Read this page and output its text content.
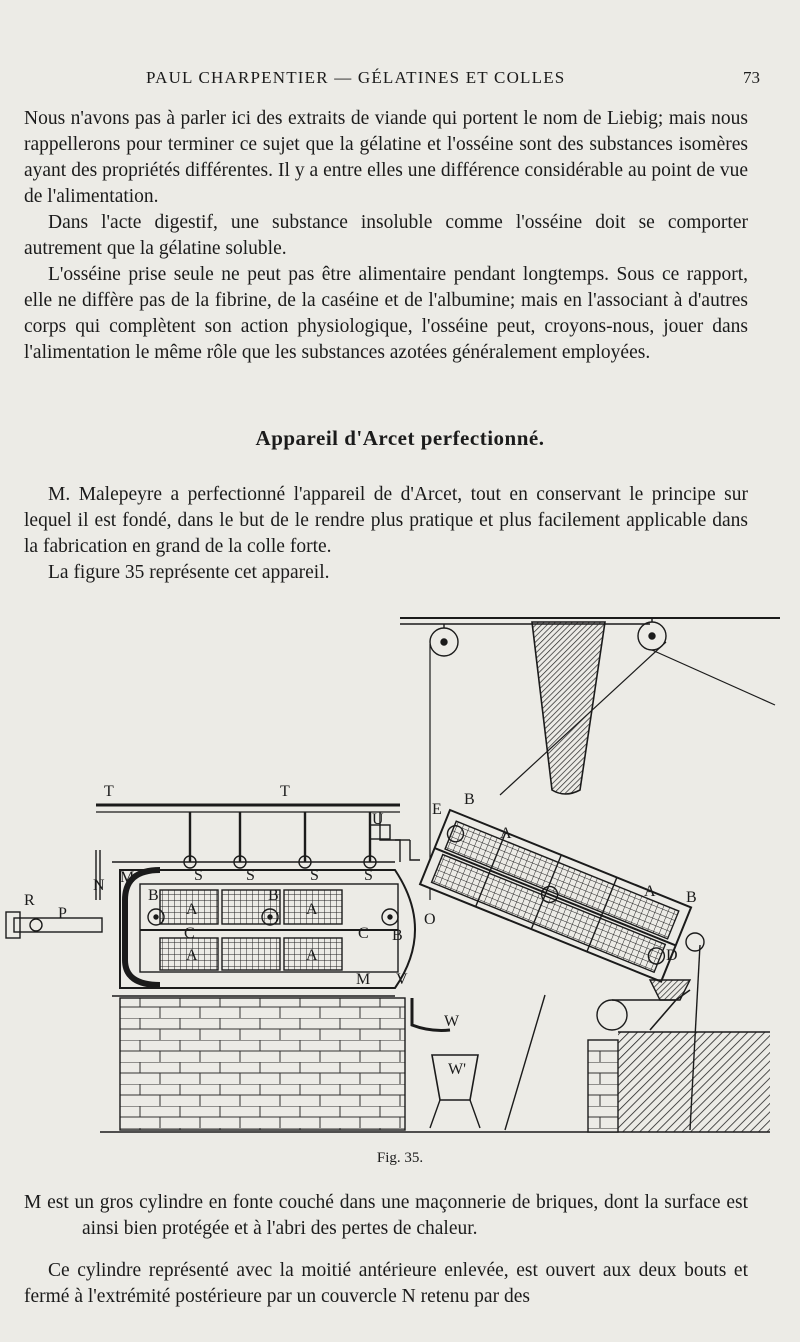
PAUL CHARPENTIER — GÉLATINES ET COLLES	73

Nous n'avons pas à parler ici des extraits de viande qui portent le nom de Liebig; mais nous rappellerons pour terminer ce sujet que la gélatine et l'osséine sont des substances isomères ayant des propriétés différentes. Il y a entre elles une différence considérable au point de vue de l'alimentation.

Dans l'acte digestif, une substance insoluble comme l'osséine doit se comporter autrement que la gélatine soluble.

L'osséine prise seule ne peut pas être alimentaire pendant longtemps. Sous ce rapport, elle ne diffère pas de la fibrine, de la caséine et de l'albumine; mais en l'associant à d'autres corps qui complètent son action physiologique, l'osséine peut, croyons-nous, jouer dans l'alimentation le même rôle que les substances azotées généralement employées.

Appareil d'Arcet perfectionné.

M. Malepeyre a perfectionné l'appareil de d'Arcet, tout en conservant le principe sur lequel il est fondé, dans le but de le rendre plus pratique et plus facilement applicable dans la fabrication en grand de la colle forte.

La figure 35 représente cet appareil.

T	T
E
U
N M
M
R
P
S	S	S	S
B	B
B
B
B
C	C
O
V
W
W'
D
A	A
A	A
A
A
Fig. 35.

M est un gros cylindre en fonte couché dans une maçonnerie de briques, dont la surface est ainsi bien protégée et à l'abri des pertes de chaleur.

Ce cylindre représenté avec la moitié antérieure enlevée, est ouvert aux deux bouts et fermé à l'extrémité postérieure par un couvercle N retenu par des
